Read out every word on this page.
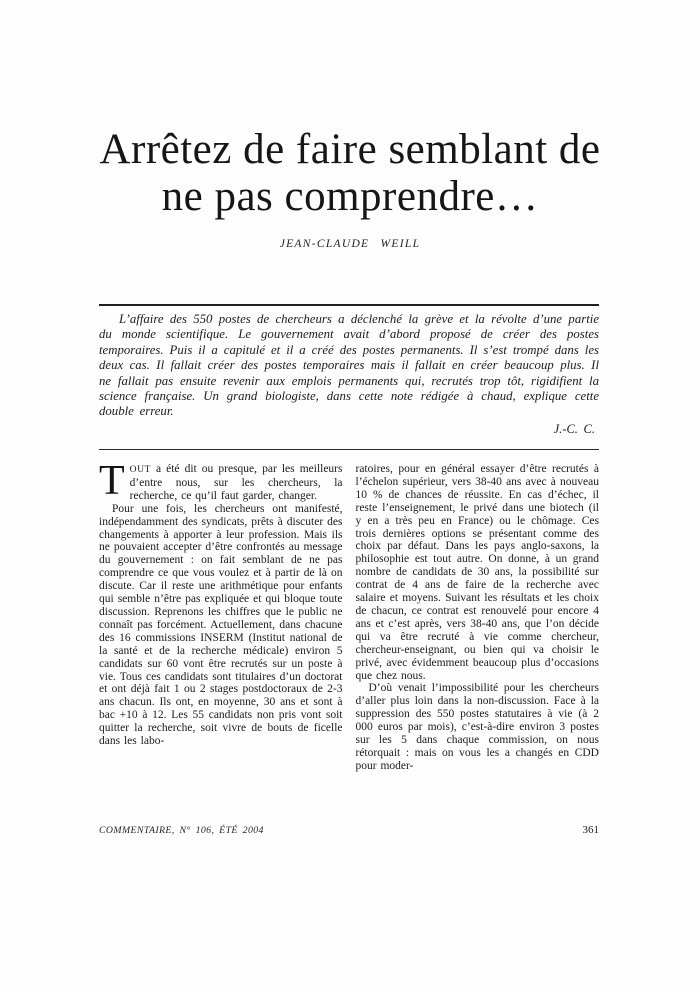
Arrêtez de faire semblant de
ne pas comprendre…
JEAN-CLAUDE WEILL

L’affaire des 550 postes de chercheurs a déclenché la grève et la révolte d’une partie du monde scientifique. Le gouvernement avait d’abord proposé de créer des postes temporaires. Puis il a capitulé et il a créé des postes permanents. Il s’est trompé dans les deux cas. Il fallait créer des postes temporaires mais il fallait en créer beaucoup plus. Il ne fallait pas ensuite revenir aux emplois permanents qui, recrutés trop tôt, rigidifient la science française. Un grand biologiste, dans cette note rédigée à chaud, explique cette double erreur.

J.-C. C.

TOUT a été dit ou presque, par les meilleurs d’entre nous, sur les chercheurs, la recherche, ce qu’il faut garder, changer.

Pour une fois, les chercheurs ont manifesté, indépendamment des syndicats, prêts à discuter des changements à apporter à leur profession. Mais ils ne pouvaient accepter d’être confrontés au message du gouvernement : on fait semblant de ne pas comprendre ce que vous voulez et à partir de là on discute. Car il reste une arithmétique pour enfants qui semble n’être pas expliquée et qui bloque toute discussion. Reprenons les chiffres que le public ne connaît pas forcément. Actuellement, dans chacune des 16 commissions INSERM (Institut national de la santé et de la recherche médicale) environ 5 candidats sur 60 vont être recrutés sur un poste à vie. Tous ces candidats sont titulaires d’un doctorat et ont déjà fait 1 ou 2 stages postdoctoraux de 2-3 ans chacun. Ils ont, en moyenne, 30 ans et sont à bac +10 à 12. Les 55 candidats non pris vont soit quitter la recherche, soit vivre de bouts de ficelle dans les labo-

ratoires, pour en général essayer d’être recrutés à l’échelon supérieur, vers 38-40 ans avec à nouveau 10 % de chances de réussite. En cas d’échec, il reste l’enseignement, le privé dans une biotech (il y en a très peu en France) ou le chômage. Ces trois dernières options se présentant comme des choix par défaut. Dans les pays anglo-saxons, la philosophie est tout autre. On donne, à un grand nombre de candidats de 30 ans, la possibilité sur contrat de 4 ans de faire de la recherche avec salaire et moyens. Suivant les résultats et les choix de chacun, ce contrat est renouvelé pour encore 4 ans et c’est après, vers 38-40 ans, que l’on décide qui va être recruté à vie comme chercheur, chercheur-enseignant, ou bien qui va choisir le privé, avec évidemment beaucoup plus d’occasions que chez nous.

D’où venait l’impossibilité pour les chercheurs d’aller plus loin dans la non-discussion. Face à la suppression des 550 postes statutaires à vie (à 2 000 euros par mois), c’est-à-dire environ 3 postes sur les 5 dans chaque commission, on nous rétorquait : mais on vous les a changés en CDD pour moder-

COMMENTAIRE, N° 106, ÉTÉ 2004	361
